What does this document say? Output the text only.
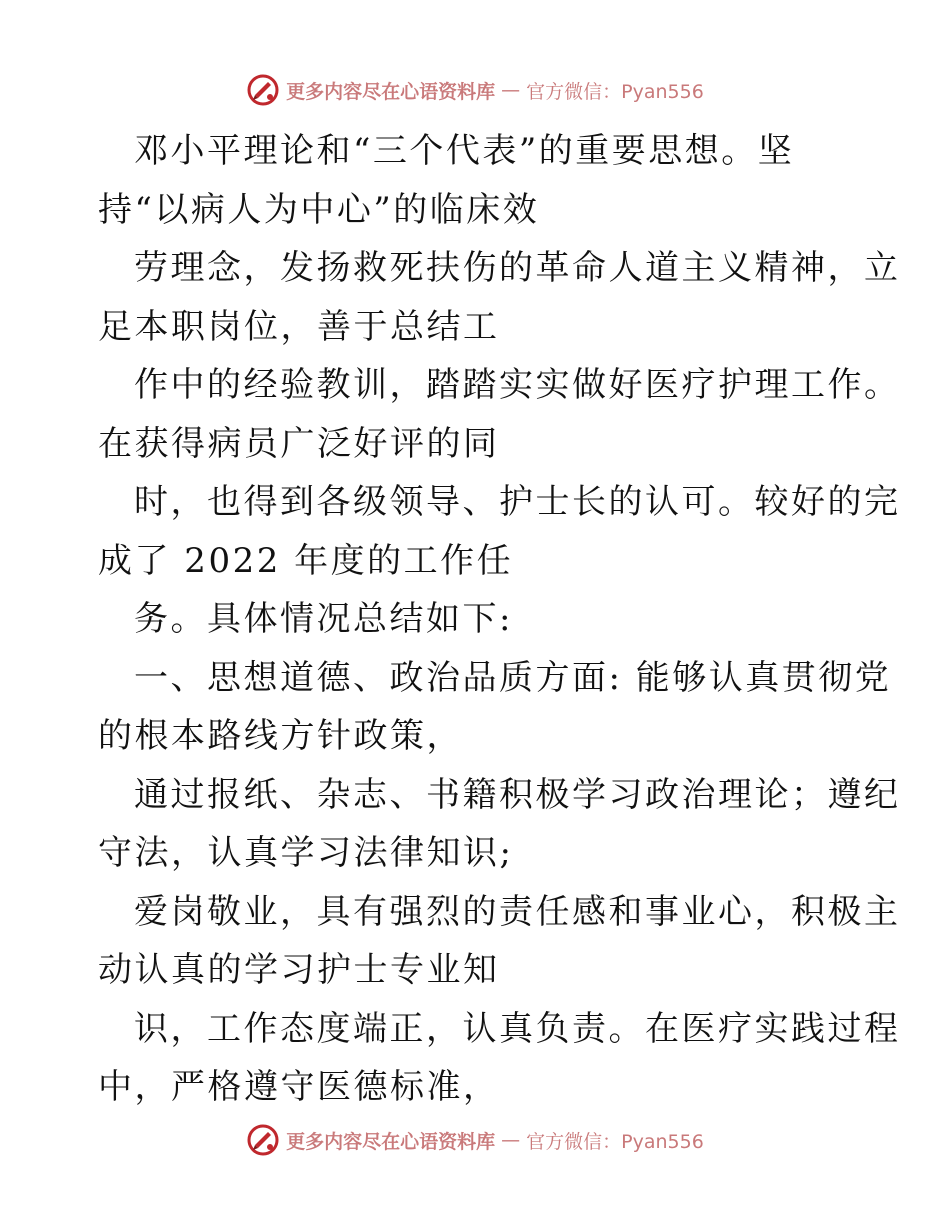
更多内容尽在心语资料库 — 官方微信：Pyan556
邓小平理论和“三个代表”的重要思想。坚
持“以病人为中心”的临床效
劳理念，发扬救死扶伤的革命人道主义精神，立
足本职岗位，善于总结工
作中的经验教训，踏踏实实做好医疗护理工作。
在获得病员广泛好评的同
时，也得到各级领导、护士长的认可。较好的完
成了 2022 年度的工作任
务。具体情况总结如下:
一、思想道德、政治品质方面: 能够认真贯彻党
的根本路线方针政策，
通过报纸、杂志、书籍积极学习政治理论；遵纪
守法，认真学习法律知识;
爱岗敬业，具有强烈的责任感和事业心，积极主
动认真的学习护士专业知
识，工作态度端正，认真负责。在医疗实践过程
中，严格遵守医德标准，
更多内容尽在心语资料库 — 官方微信：Pyan556
